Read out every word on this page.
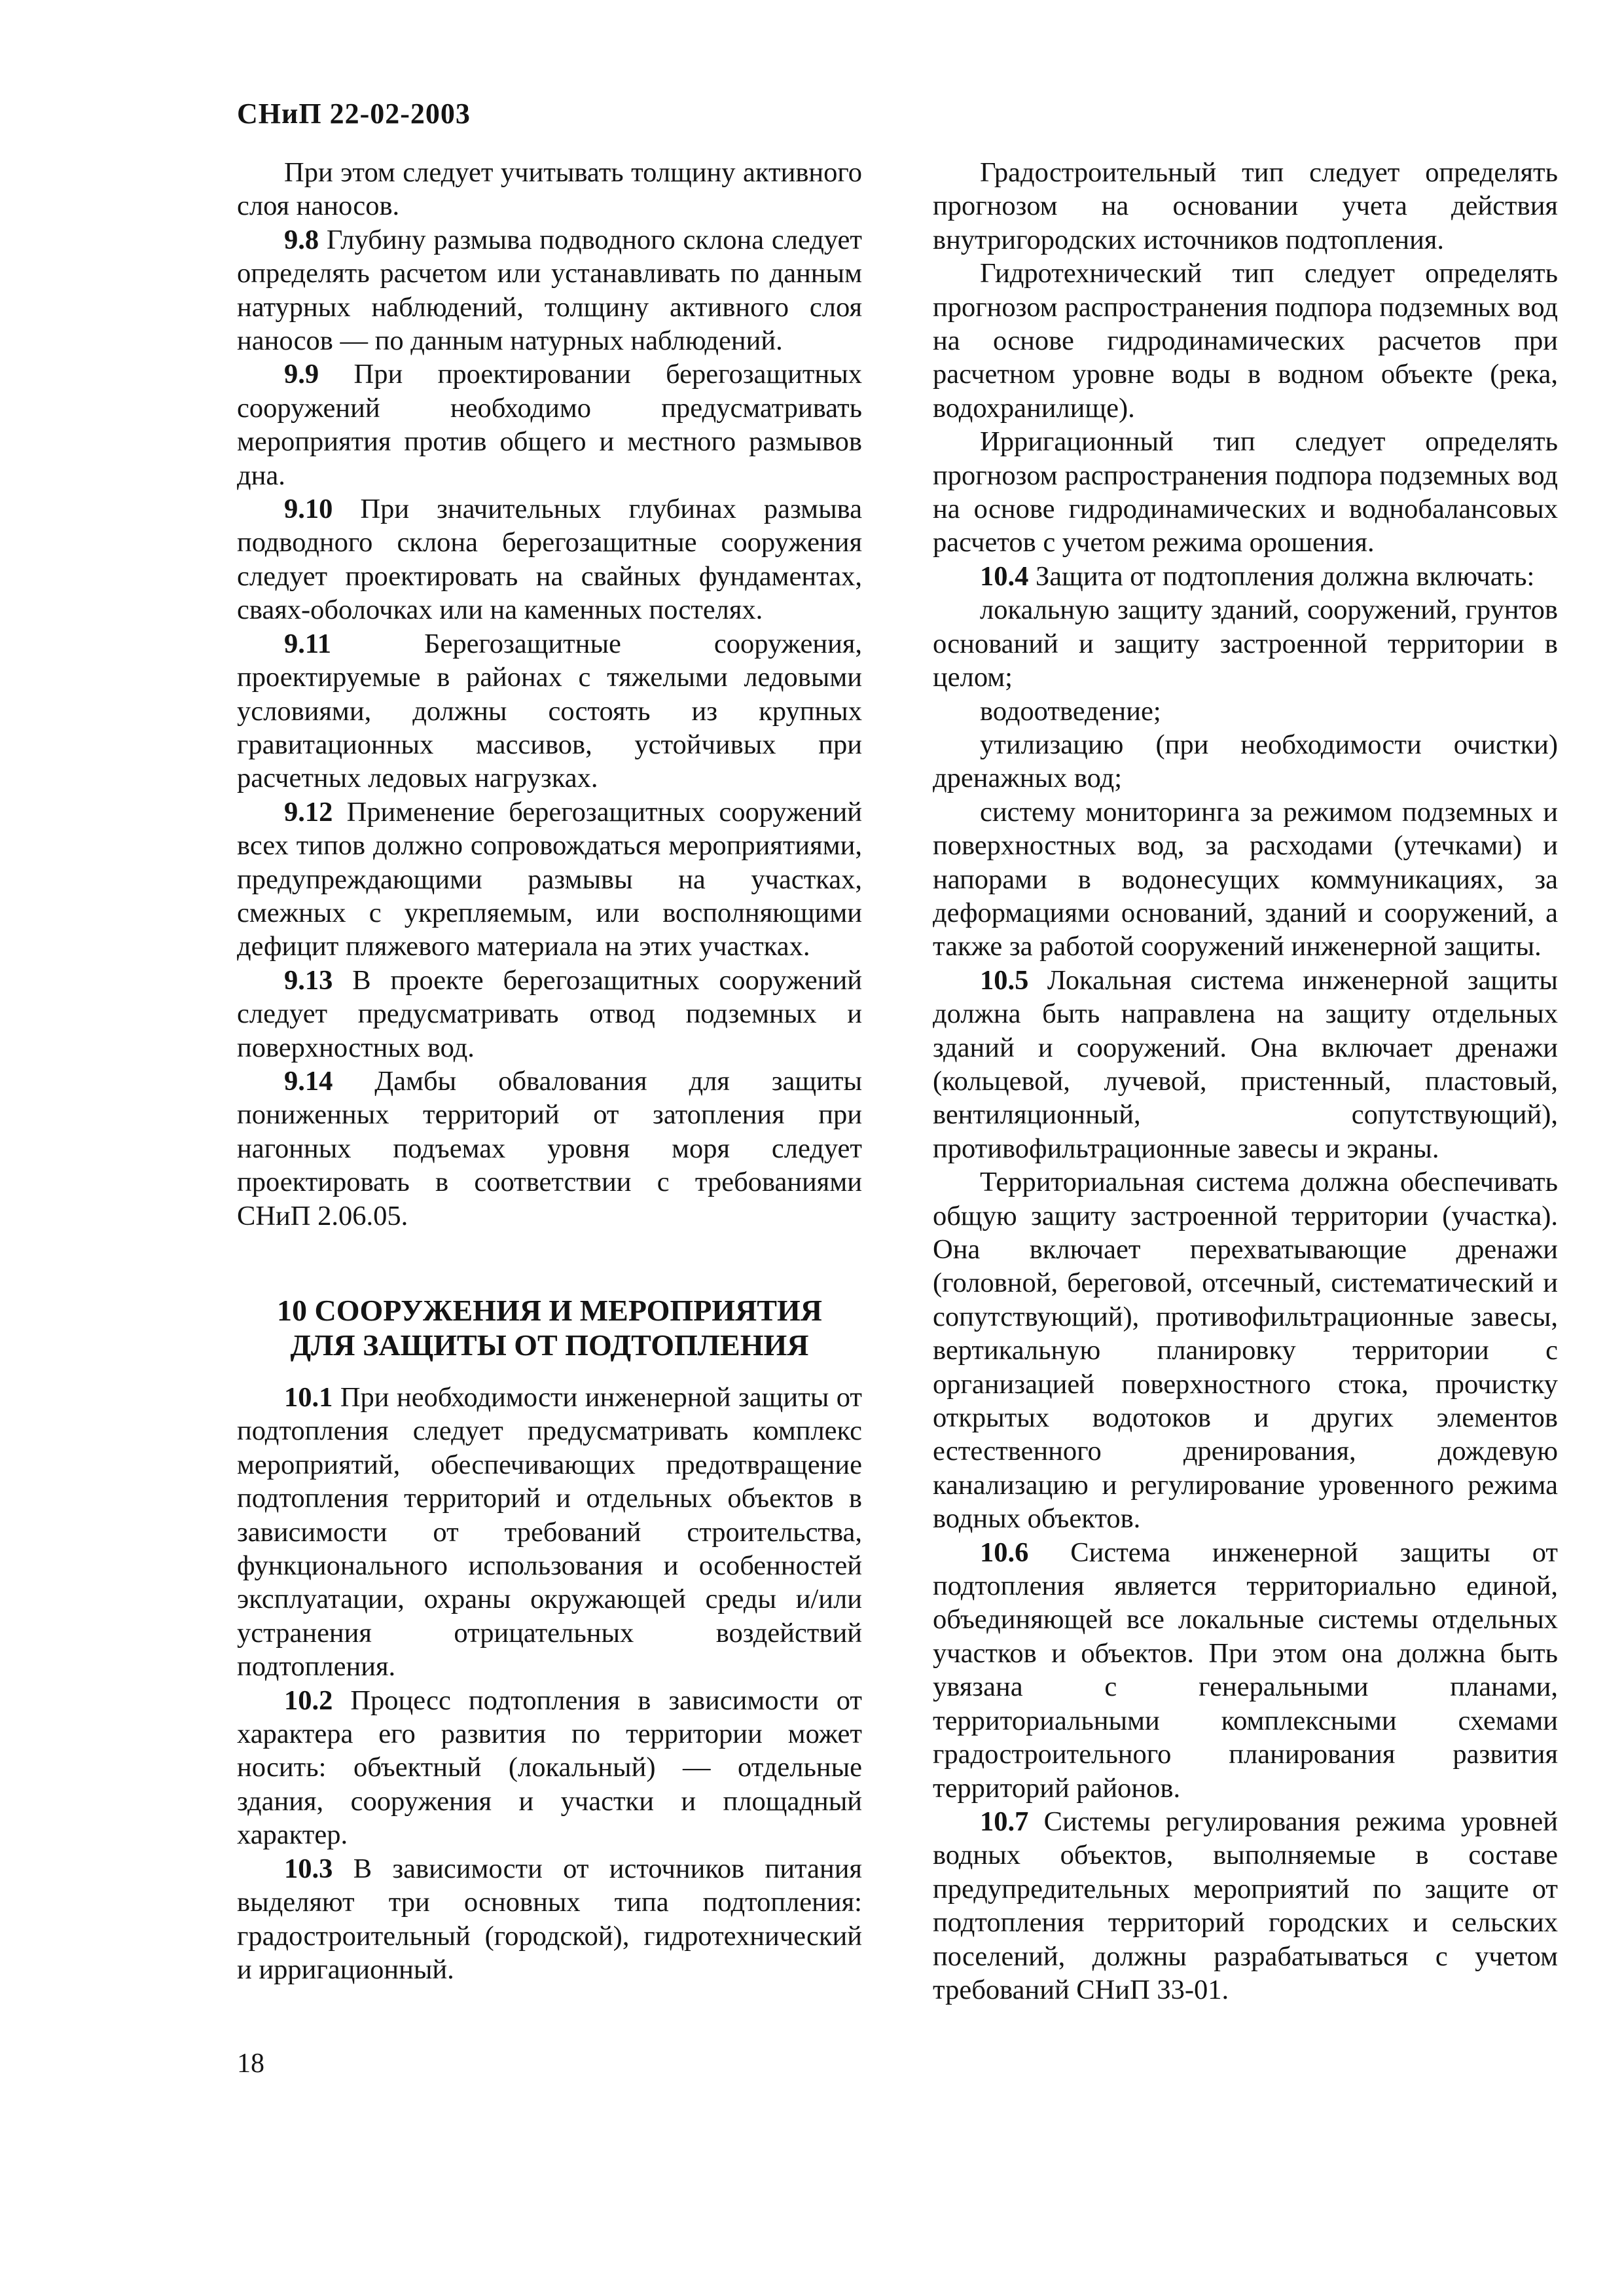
СНиП 22-02-2003

При этом следует учитывать толщину активного слоя наносов.

9.8 Глубину размыва подводного склона следует определять расчетом или устанавливать по данным натурных наблюдений, толщину активного слоя наносов — по данным натурных наблюдений.

9.9 При проектировании берегозащитных сооружений необходимо предусматривать мероприятия против общего и местного размывов дна.

9.10 При значительных глубинах размыва подводного склона берегозащитные сооружения следует проектировать на свайных фундаментах, сваях-оболочках или на каменных постелях.

9.11 Берегозащитные сооружения, проектируемые в районах с тяжелыми ледовыми условиями, должны состоять из крупных гравитационных массивов, устойчивых при расчетных ледовых нагрузках.

9.12 Применение берегозащитных сооружений всех типов должно сопровождаться мероприятиями, предупреждающими размывы на участках, смежных с укрепляемым, или восполняющими дефицит пляжевого материала на этих участках.

9.13 В проекте берегозащитных сооружений следует предусматривать отвод подземных и поверхностных вод.

9.14 Дамбы обвалования для защиты пониженных территорий от затопления при нагонных подъемах уровня моря следует проектировать в соответствии с требованиями СНиП 2.06.05.

10 СООРУЖЕНИЯ И МЕРОПРИЯТИЯ
ДЛЯ ЗАЩИТЫ ОТ ПОДТОПЛЕНИЯ

10.1 При необходимости инженерной защиты от подтопления следует предусматривать комплекс мероприятий, обеспечивающих предотвращение подтопления территорий и отдельных объектов в зависимости от требований строительства, функционального использования и особенностей эксплуатации, охраны окружающей среды и/или устранения отрицательных воздействий подтопления.

10.2 Процесс подтопления в зависимости от характера его развития по территории может носить: объектный (локальный) — отдельные здания, сооружения и участки и площадный характер.

10.3 В зависимости от источников питания выделяют три основных типа подтопления: градостроительный (городской), гидротехнический и ирригационный.

Градостроительный тип следует определять прогнозом на основании учета действия внутригородских источников подтопления.

Гидротехнический тип следует определять прогнозом распространения подпора подземных вод на основе гидродинамических расчетов при расчетном уровне воды в водном объекте (река, водохранилище).

Ирригационный тип следует определять прогнозом распространения подпора подземных вод на основе гидродинамических и воднобалансовых расчетов с учетом режима орошения.

10.4 Защита от подтопления должна включать:

локальную защиту зданий, сооружений, грунтов оснований и защиту застроенной территории в целом;

водоотведение;

утилизацию (при необходимости очистки) дренажных вод;

систему мониторинга за режимом подземных и поверхностных вод, за расходами (утечками) и напорами в водонесущих коммуникациях, за деформациями оснований, зданий и сооружений, а также за работой сооружений инженерной защиты.

10.5 Локальная система инженерной защиты должна быть направлена на защиту отдельных зданий и сооружений. Она включает дренажи (кольцевой, лучевой, пристенный, пластовый, вентиляционный, сопутствующий), противофильтрационные завесы и экраны.

Территориальная система должна обеспечивать общую защиту застроенной территории (участка). Она включает перехватывающие дренажи (головной, береговой, отсечный, систематический и сопутствующий), противофильтрационные завесы, вертикальную планировку территории с организацией поверхностного стока, прочистку открытых водотоков и других элементов естественного дренирования, дождевую канализацию и регулирование уровенного режима водных объектов.

10.6 Система инженерной защиты от подтопления является территориально единой, объединяющей все локальные системы отдельных участков и объектов. При этом она должна быть увязана с генеральными планами, территориальными комплексными схемами градостроительного планирования развития территорий районов.

10.7 Системы регулирования режима уровней водных объектов, выполняемые в составе предупредительных мероприятий по защите от подтопления территорий городских и сельских поселений, должны разрабатываться с учетом требований СНиП 33-01.

18
